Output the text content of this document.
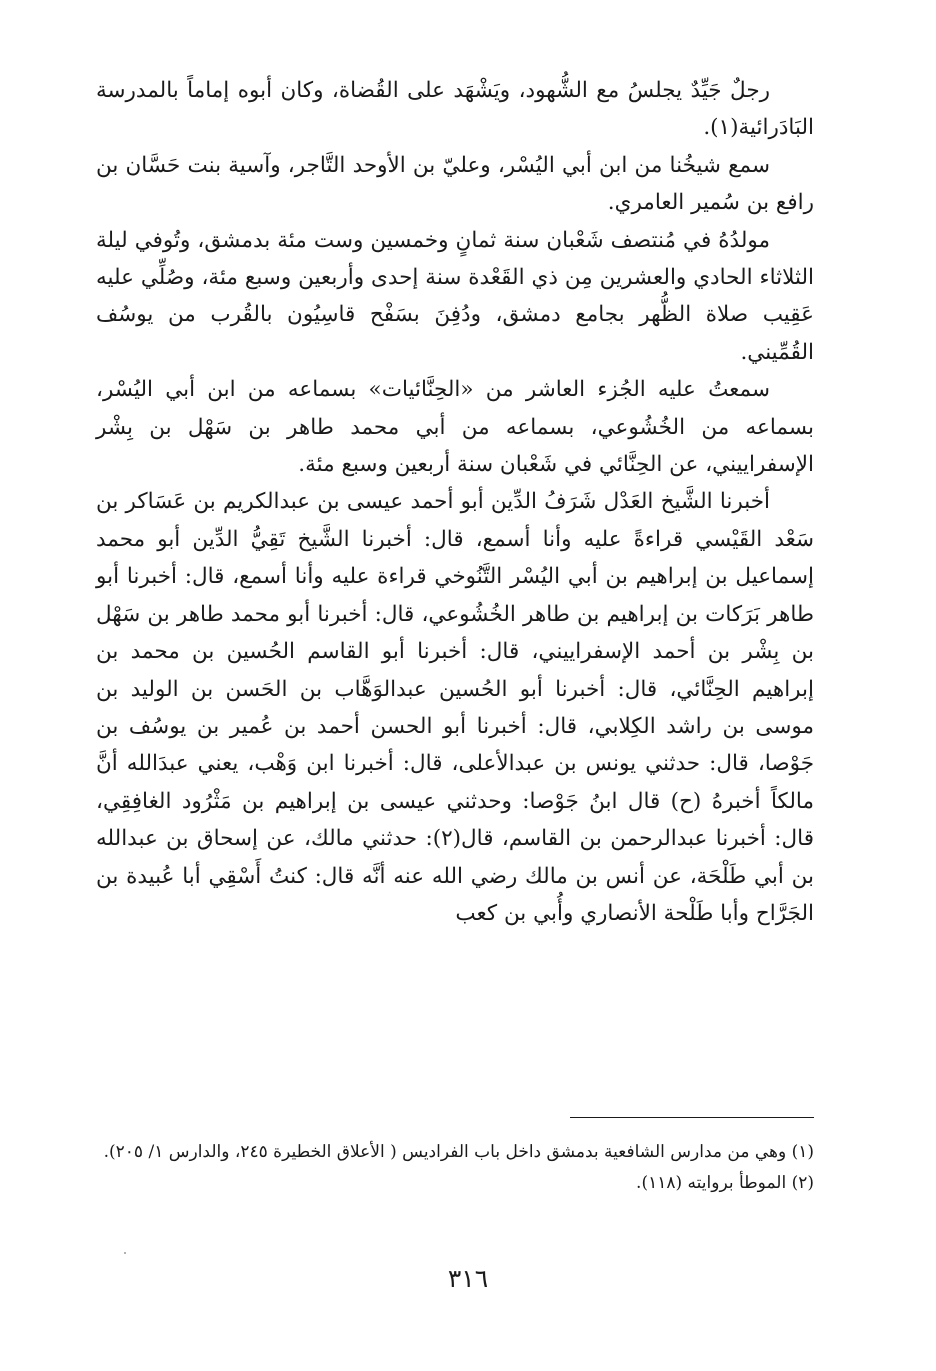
رجلٌ جَيِّدٌ يجلسُ مع الشُّهود، ويَشْهَد على القُضاة، وكان أبوه إماماً بالمدرسة البَادَرائية(١).

سمع شيخُنا من ابن أبي اليُسْر، وعليّ بن الأوحد التَّاجر، وآسية بنت حَسَّان بن رافع بن سُمير العامري.

مولدُهُ في مُنتصف شَعْبان سنة ثمانٍ وخمسين وست مئة بدمشق، وتُوفي ليلة الثلاثاء الحادي والعشرين مِن ذي القَعْدة سنة إحدى وأربعين وسبع مئة، وصُلِّي عليه عَقِيب صلاة الظُّهر بجامع دمشق، ودُفِنَ بسَفْح قاسِيُون بالقُرب من يوسُف القُمِّيني.

سمعتُ عليه الجُزء العاشر من «الحِنَّائيات» بسماعه من ابن أبي اليُسْر، بسماعه من الخُشُوعي، بسماعه من أبي محمد طاهر بن سَهْل بن بِشْر الإسفراييني، عن الحِنَّائي في شَعْبان سنة أربعين وسبع مئة.

أخبرنا الشَّيخ العَدْل شَرَفُ الدِّين أبو أحمد عيسى بن عبدالكريم بن عَسَاكر بن سَعْد القَيْسي قراءةً عليه وأنا أسمع، قال: أخبرنا الشَّيخ تَقِيُّ الدِّين أبو محمد إسماعيل بن إبراهيم بن أبي اليُسْر التَّنُوخي قراءة عليه وأنا أسمع، قال: أخبرنا أبو طاهر بَرَكات بن إبراهيم بن طاهر الخُشُوعي، قال: أخبرنا أبو محمد طاهر بن سَهْل بن بِشْر بن أحمد الإسفراييني، قال: أخبرنا أبو القاسم الحُسين بن محمد بن إبراهيم الحِنَّائي، قال: أخبرنا أبو الحُسين عبدالوَهَّاب بن الحَسن بن الوليد بن موسى بن راشد الكِلابي، قال: أخبرنا أبو الحسن أحمد بن عُمير بن يوسُف بن جَوْصا، قال: حدثني يونس بن عبدالأعلى، قال: أخبرنا ابن وَهْب، يعني عبدَالله أنَّ مالكاً أخبرهُ (ح) قال ابنُ جَوْصا: وحدثني عيسى بن إبراهيم بن مَثْرُود الغافِقِي، قال: أخبرنا عبدالرحمن بن القاسم، قال(٢): حدثني مالك، عن إسحاق بن عبدالله بن أبي طَلْحَة، عن أنس بن مالك رضي الله عنه أنَّه قال: كنتُ أَسْقِي أبا عُبيدة بن الجَرَّاح وأبا طَلْحة الأنصاري وأُبي بن كعب

(١) وهي من مدارس الشافعية بدمشق داخل باب الفراديس ( الأعلاق الخطيرة ٢٤٥، والدارس ١/ ٢٠٥).

(٢) الموطأ بروايته (١١٨).

٣١٦
